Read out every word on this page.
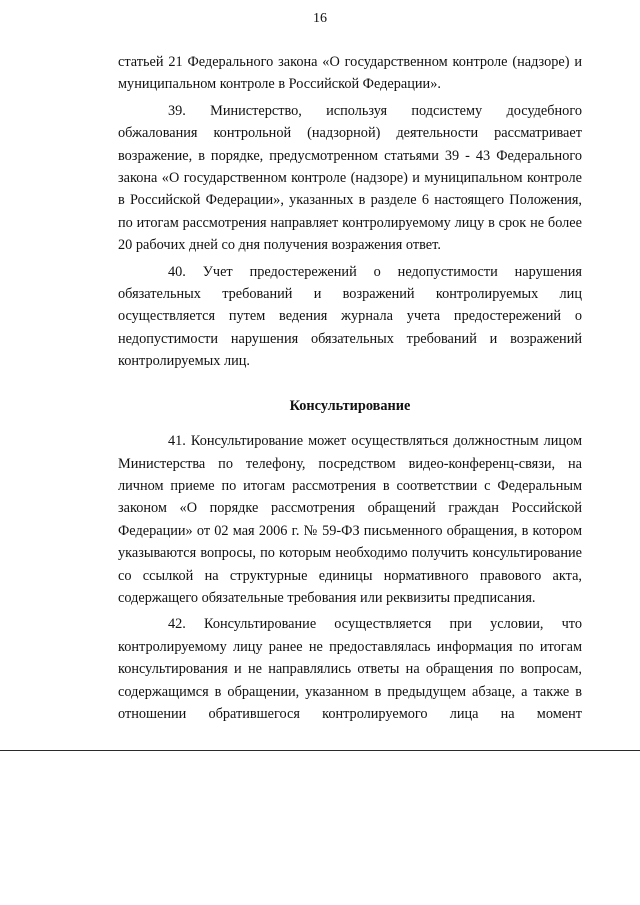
16

статьей 21 Федерального закона «О государственном контроле (надзоре) и муниципальном контроле в Российской Федерации».

39. Министерство, используя подсистему досудебного обжалования контрольной (надзорной) деятельности рассматривает возражение, в порядке, предусмотренном статьями 39 - 43 Федерального закона «О государственном контроле (надзоре) и муниципальном контроле в Российской Федерации», указанных в разделе 6 настоящего Положения, по итогам рассмотрения направляет контролируемому лицу в срок не более 20 рабочих дней со дня получения возражения ответ.

40. Учет предостережений о недопустимости нарушения обязательных требований и возражений контролируемых лиц осуществляется путем ведения журнала учета предостережений о недопустимости нарушения обязательных требований и возражений контролируемых лиц.

Консультирование

41. Консультирование может осуществляться должностным лицом Министерства по телефону, посредством видео-конференц-связи, на личном приеме по итогам рассмотрения в соответствии с Федеральным законом «О порядке рассмотрения обращений граждан Российской Федерации» от 02 мая 2006 г. № 59-ФЗ письменного обращения, в котором указываются вопросы, по которым необходимо получить консультирование со ссылкой на структурные единицы нормативного правового акта, содержащего обязательные требования или реквизиты предписания.

42. Консультирование осуществляется при условии, что контролируемому лицу ранее не предоставлялась информация по итогам консультирования и не направлялись ответы на обращения по вопросам, содержащимся в обращении, указанном в предыдущем абзаце, а также в отношении обратившегося контролируемого лица на момент
